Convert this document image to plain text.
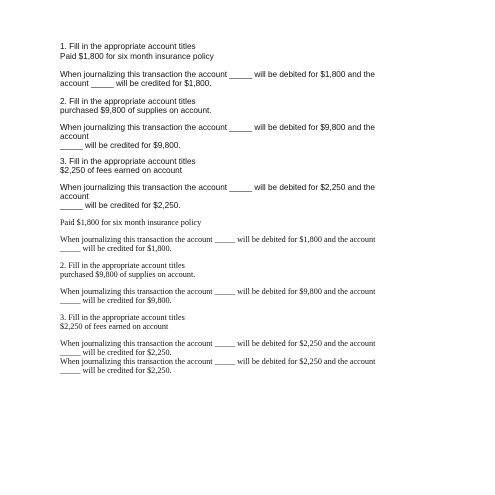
1. Fill in the appropriate account titles

Paid $1,800 for six month insurance policy

When journalizing this transaction the account _____ will be debited for $1,800 and the

account _____ will be credited for $1,800.

2. Fill in the appropriate account titles

purchased $9,800 of supplies on account.

When journalizing this transaction the account _____ will be debited for $9,800 and the

account

_____ will be credited for $9,800.

3. Fill in the appropriate account titles

$2,250 of fees earned on account

When journalizing this transaction the account _____ will be debited for $2,250 and the

account

_____ will be credited for $2,250.

Paid $1,800 for six month insurance policy

When journalizing this transaction the account _____ will be debited for $1,800 and the account

_____ will be credited for $1,800.

2. Fill in the appropriate account titles

purchased $9,800 of supplies on account.

When journalizing this transaction the account _____ will be debited for $9,800 and the account

_____ will be credited for $9,800.

3. Fill in the appropriate account titles

$2,250 of fees earned on account

When journalizing this transaction the account _____ will be debited for $2,250 and the account

_____ will be credited for $2,250.

When journalizing this transaction the account _____ will be debited for $2,250 and the account

_____ will be credited for $2,250.
